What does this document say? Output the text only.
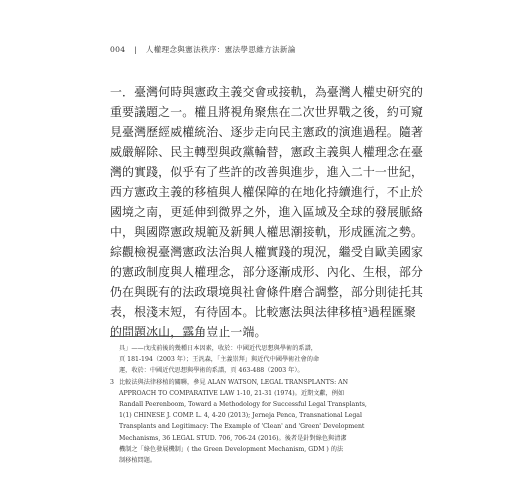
004 | 人權理念與憲法秩序：憲法學思維方法新論
一．臺灣何時與憲政主義交會或接軌，為臺灣人權史研究的
重要議題之一。權且將視角聚焦在二次世界戰之後，約可窺
見臺灣歷經威權統治、逐步走向民主憲政的演進過程。隨著
威嚴解除、民主轉型與政黨輪替，憲政主義與人權理念在臺
灣的實踐，似乎有了些許的改善與進步，進入二十一世紀，
西方憲政主義的移植與人權保障的在地化持續進行，不止於
國境之南，更延伸到微界之外，進入區域及全球的發展脈絡
中，與國際憲政規範及新興人權思潮接軌，形成匯流之勢。
綜觀檢視臺灣憲政法治與人權實踐的現況，繼受自歐美國家
的憲政制度與人權理念，部分逐漸成形、內化、生根，部分
仍在與既有的法政環境與社會條件磨合調整，部分則徒托其
表，根淺末短，有待固本。比較憲法與法律移植³過程匯聚
的問題冰山，露角豈止一端。
具」——戊戌前後的幾種日本因素，收於：中國近代思想與學術的系譜，
頁 181-194（2003 年）；王汎森，「主義崇拜」與近代中國學術社會的命
運，收於：中國近代思想與學術的系譜，頁 463-488（2003 年）。
3 比較法與法律移植的關聯，參見 ALAN WATSON, LEGAL TRANSPLANTS: AN
APPROACH TO COMPARATIVE LAW 1-10, 21-31 (1974)。近期文獻，例如
Randall Peerenboom, Toward a Methodology for Successful Legal Transplants,
1(1) CHINESE J. COMP. L. 4, 4-20 (2013); Jerneja Penca, Transnational Legal
Transplants and Legitimacy: The Example of 'Clean' and 'Green' Development
Mechanisms, 36 LEGAL STUD. 706, 706-24 (2016)。後者是針對綠色與清潔
機制之「綠色發展機制」( the Green Development Mechanism, GDM ) 的法
制移植問題。
